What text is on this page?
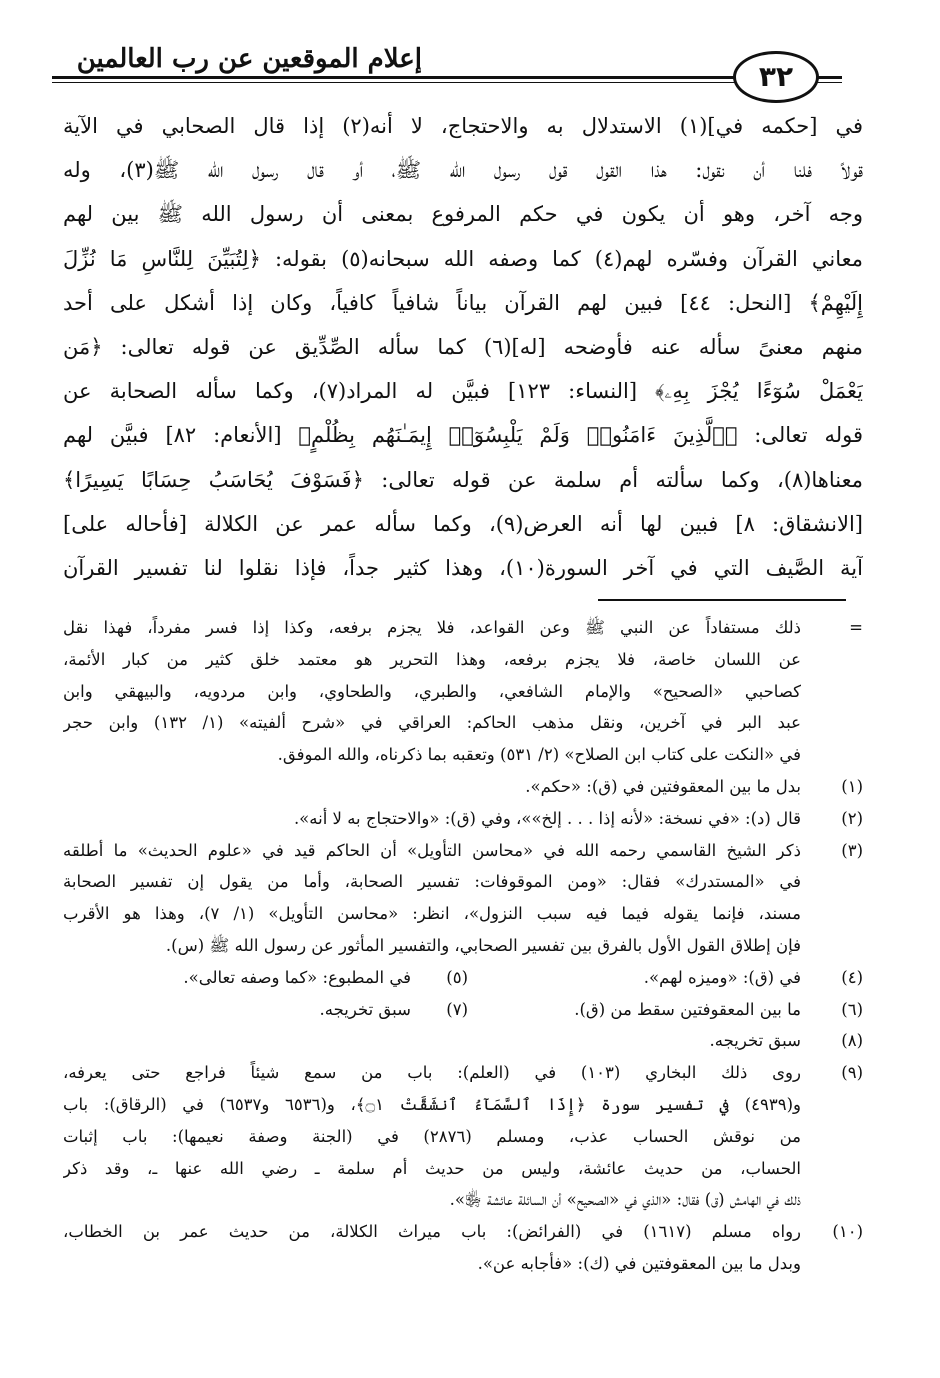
إعلام الموقعين عن رب العالمين
٣٢
في [حكمه في](١) الاستدلال به والاحتجاج، لا أنه(٢) إذا قال الصحابي في الآية
قولاً فلنا أن نقول: هذا القول قول رسول الله ﷺ، أو قال رسول الله ﷺ(٣)، وله
وجه آخر، وهو أن يكون في حكم المرفوع بمعنى أن رسول الله ﷺ بين لهم
معاني القرآن وفسّره لهم(٤) كما وصفه الله سبحانه(٥) بقوله: ﴿لِتُبَيِّنَ لِلنَّاسِ مَا نُزِّلَ
إِلَيْهِمْ﴾ [النحل: ٤٤] فبين لهم القرآن بياناً شافياً كافياً، وكان إذا أشكل على أحد
منهم معنىً سأله عنه فأوضحه [له](٦) كما سأله الصِّدِّيق عن قوله تعالى: ﴿مَن
يَعْمَلْ سُوٓءًا يُجْزَ بِهِۦ﴾ [النساء: ١٢٣] فبيَّن له المراد(٧)، وكما سأله الصحابة عن
قوله تعالى: ﴿ٱلَّذِينَ ءَامَنُوا۟ وَلَمْ يَلْبِسُوٓا۟ إِيمَـٰنَهُم بِظُلْمٍ﴾ [الأنعام: ٨٢] فبيَّن لهم
معناها(٨)، وكما سألته أم سلمة عن قوله تعالى: ﴿فَسَوْفَ يُحَاسَبُ حِسَابًا يَسِيرًا﴾
[الانشقاق: ٨] فبين لها أنه العرض(٩)، وكما سأله عمر عن الكلالة [فأحاله على]
آية الصَّيف التي في آخر السورة(١٠)، وهذا كثير جداً، فإذا نقلوا لنا تفسير القرآن
=
ذلك مستفاداً عن النبي ﷺ وعن القواعد، فلا يجزم برفعه، وكذا إذا فسر مفرداً، فهذا نقل
عن اللسان خاصة، فلا يجزم برفعه، وهذا التحرير هو معتمد خلق كثير من كبار الأئمة،
كصاحبي «الصحيح» والإمام الشافعي، والطبري، والطحاوي، وابن مردويه، والبيهقي وابن
عبد البر في آخرين، ونقل مذهب الحاكم: العراقي في «شرح ألفيته» (١/ ١٣٢) وابن حجر
في «النكت على كتاب ابن الصلاح» (٢/ ٥٣١) وتعقبه بما ذكرناه، والله الموفق.
(١)
بدل ما بين المعقوفتين في (ق): «حكم».
(٢)
قال (د): «في نسخة: «لأنه إذا . . . إلخ»»، وفي (ق): «والاحتجاج به لا أنه».
(٣)
ذكر الشيخ القاسمي رحمه الله في «محاسن التأويل» أن الحاكم قيد في «علوم الحديث» ما أطلقه
في «المستدرك» فقال: «ومن الموقوفات: تفسير الصحابة، وأما من يقول إن تفسير الصحابة
مسند، فإنما يقوله فيما فيه سبب النزول»، انظر: «محاسن التأويل» (١/ ٧)، وهذا هو الأقرب
فإن إطلاق القول الأول بالفرق بين تفسير الصحابي، والتفسير المأثور عن رسول الله ﷺ (س).
(٤)
في (ق): «وميزه لهم».
(٥)
في المطبوع: «كما وصفه تعالى».
(٦)
ما بين المعقوفتين سقط من (ق).
(٧)
سبق تخريجه.
(٨)
سبق تخريجه.
(٩)
روى ذلك البخاري (١٠٣) في (العلم): باب من سمع شيئاً فراجع حتى يعرفه،
و(٤٩٣٩) في تفسير سورة ﴿إِذَا ٱلسَّمَآءُ ٱنشَقَّتْ ۝١﴾، و(٦٥٣٦ و٦٥٣٧) في (الرقاق): باب
من نوقش الحساب عذب، ومسلم (٢٨٧٦) في (الجنة وصفة نعيمها): باب إثبات
الحساب، من حديث عائشة، وليس من حديث أم سلمة ـ رضي الله عنها ـ، وقد ذكر
ذلك في الهامش (ق) فقال: «الذي في «الصحيح» أن السائلة عائشة ﵂».
(١٠)
رواه مسلم (١٦١٧) في (الفرائض): باب ميراث الكلالة، من حديث عمر بن الخطاب،
وبدل ما بين المعقوفتين في (ك): «فأجابه عن».
